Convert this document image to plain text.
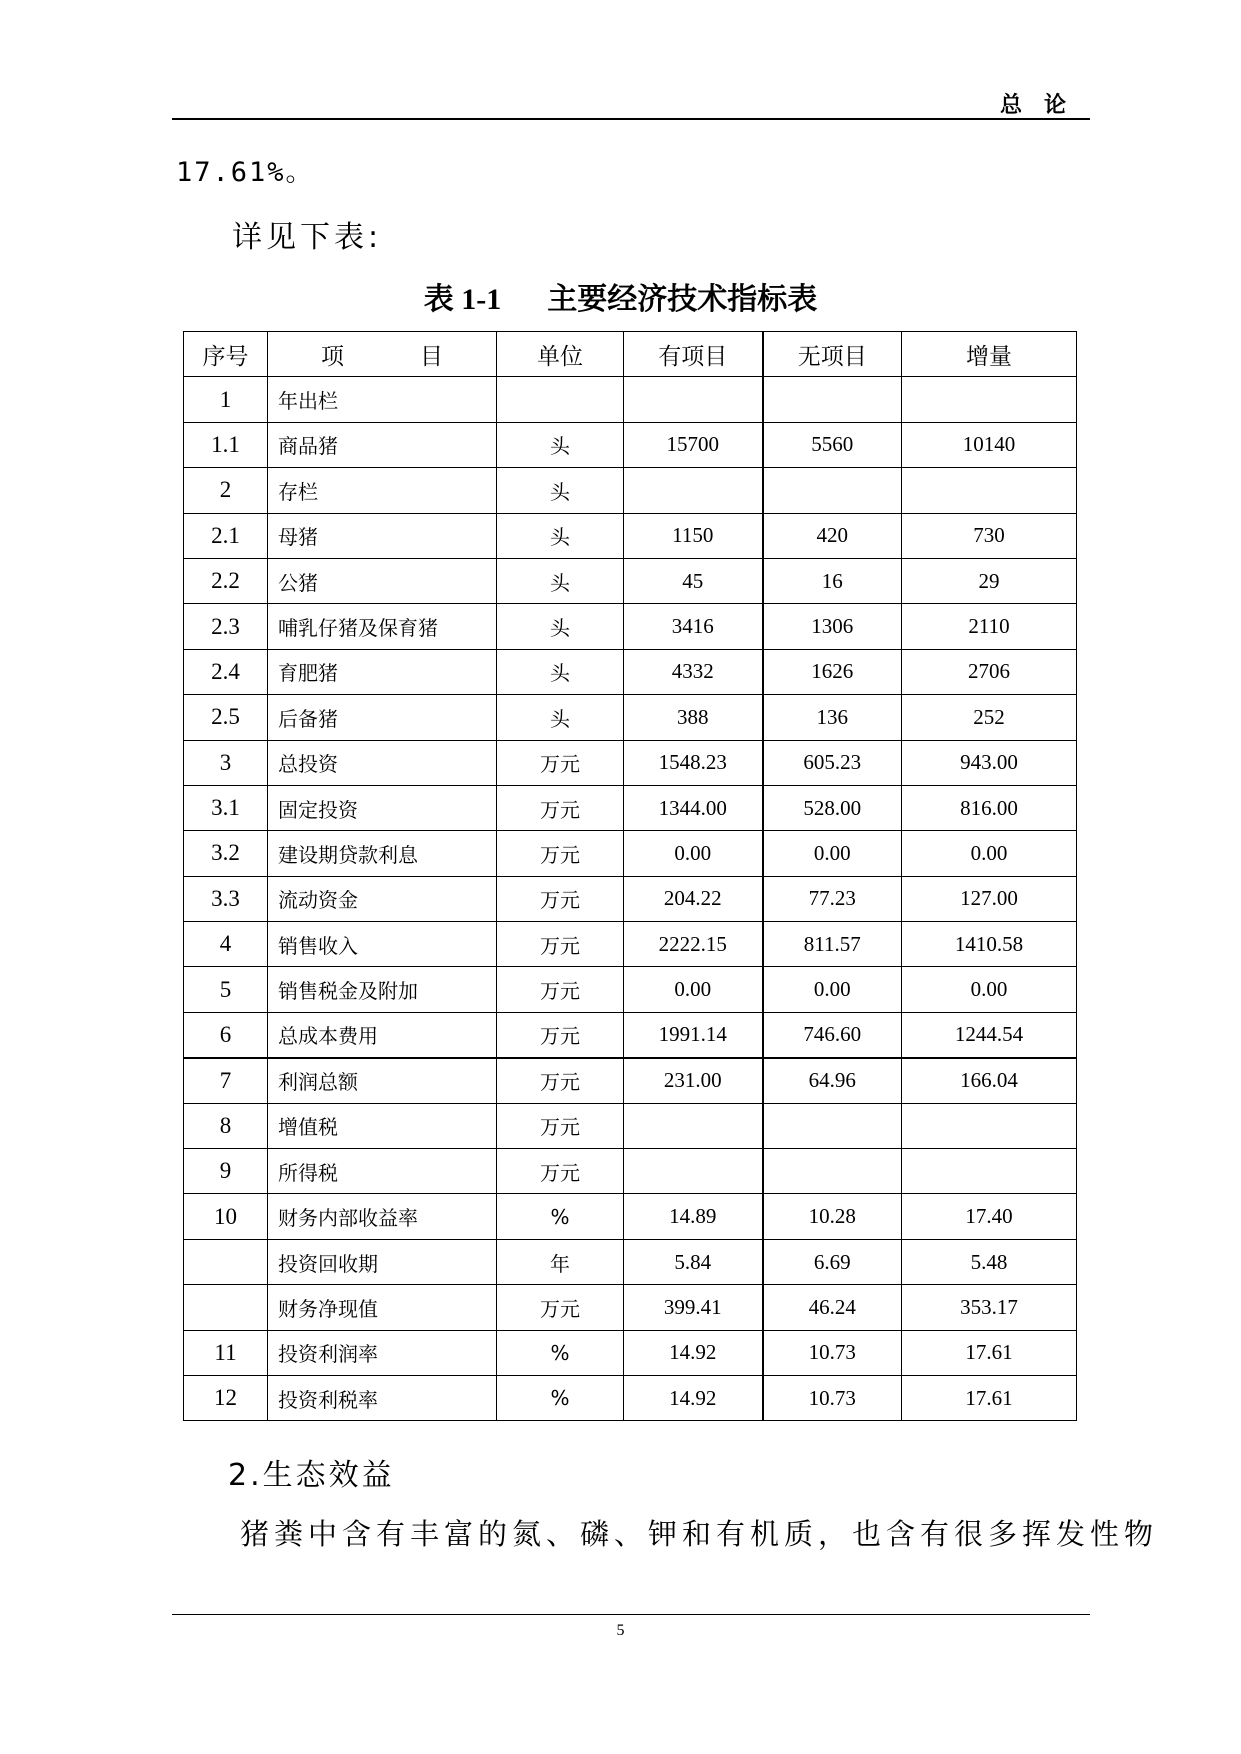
总　论
17.61%。
详见下表:
表 1-1 主要经济技术指标表
序号	项 目	单位	有项目	无项目	增量
1	年出栏				
1.1	商品猪	头	15700	5560	10140
2	存栏	头			
2.1	母猪	头	1150	420	730
2.2	公猪	头	45	16	29
2.3	哺乳仔猪及保育猪	头	3416	1306	2110
2.4	育肥猪	头	4332	1626	2706
2.5	后备猪	头	388	136	252
3	总投资	万元	1548.23	605.23	943.00
3.1	固定投资	万元	1344.00	528.00	816.00
3.2	建设期贷款利息	万元	0.00	0.00	0.00
3.3	流动资金	万元	204.22	77.23	127.00
4	销售收入	万元	2222.15	811.57	1410.58
5	销售税金及附加	万元	0.00	0.00	0.00
6	总成本费用	万元	1991.14	746.60	1244.54
7	利润总额	万元	231.00	64.96	166.04
8	增值税	万元			
9	所得税	万元			
10	财务内部收益率	%	14.89	10.28	17.40
	投资回收期	年	5.84	6.69	5.48
	财务净现值	万元	399.41	46.24	353.17
11	投资利润率	%	14.92	10.73	17.61
12	投资利税率	%	14.92	10.73	17.61
2.生态效益
猪粪中含有丰富的氮、磷、钾和有机质，也含有很多挥发性物
5
